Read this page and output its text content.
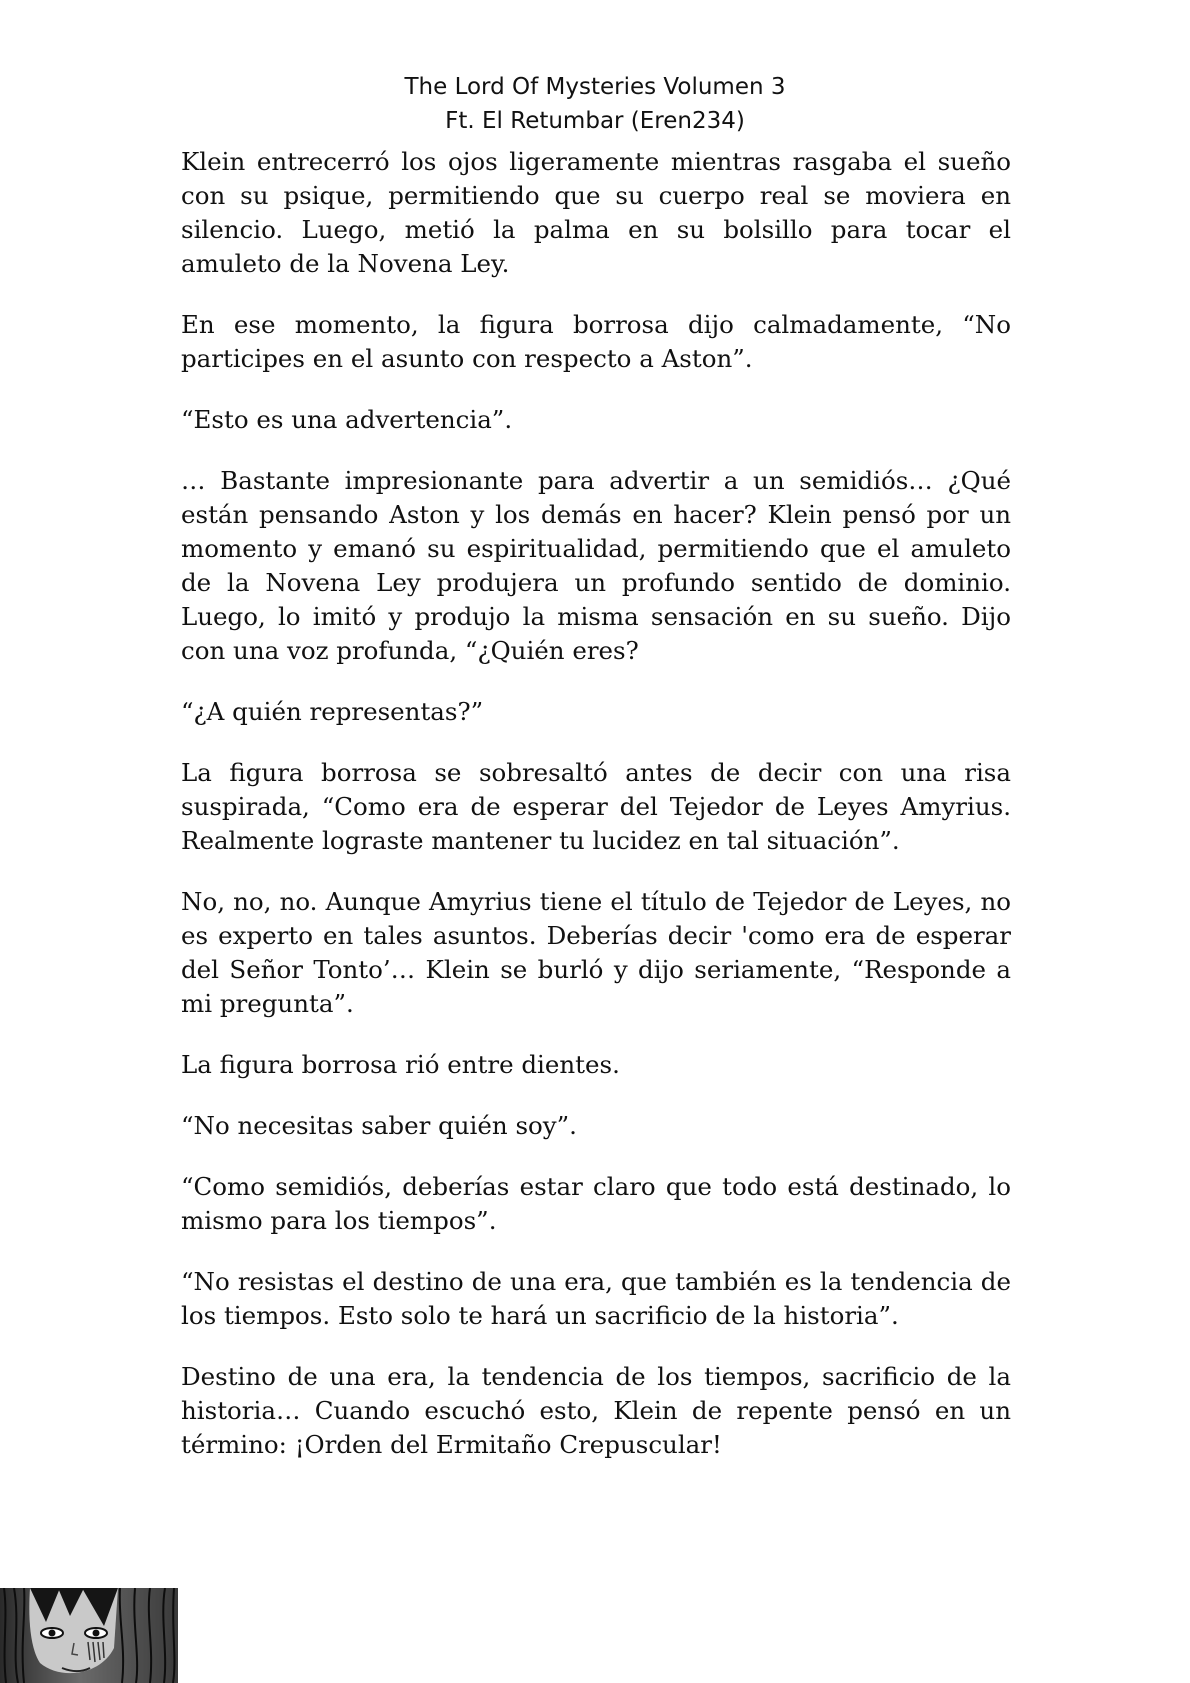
The Lord Of Mysteries Volumen 3
Ft. El Retumbar (Eren234)

Klein entrecerró los ojos ligeramente mientras rasgaba el sueño con su psique, permitiendo que su cuerpo real se moviera en silencio. Luego, metió la palma en su bolsillo para tocar el amuleto de la Novena Ley.

En ese momento, la figura borrosa dijo calmadamente, “No participes en el asunto con respecto a Aston”.

“Esto es una advertencia”.

… Bastante impresionante para advertir a un semidiós… ¿Qué están pensando Aston y los demás en hacer? Klein pensó por un momento y emanó su espiritualidad, permitiendo que el amuleto de la Novena Ley produjera un profundo sentido de dominio. Luego, lo imitó y produjo la misma sensación en su sueño. Dijo con una voz profunda, “¿Quién eres?

“¿A quién representas?”

La figura borrosa se sobresaltó antes de decir con una risa suspirada, “Como era de esperar del Tejedor de Leyes Amyrius. Realmente lograste mantener tu lucidez en tal situación”.

No, no, no. Aunque Amyrius tiene el título de Tejedor de Leyes, no es experto en tales asuntos. Deberías decir 'como era de esperar del Señor Tonto’… Klein se burló y dijo seriamente, “Responde a mi pregunta”.

La figura borrosa rió entre dientes.

“No necesitas saber quién soy”.

“Como semidiós, deberías estar claro que todo está destinado, lo mismo para los tiempos”.

“No resistas el destino de una era, que también es la tendencia de los tiempos. Esto solo te hará un sacrificio de la historia”.

Destino de una era, la tendencia de los tiempos, sacrificio de la historia… Cuando escuchó esto, Klein de repente pensó en un término: ¡Orden del Ermitaño Crepuscular!
